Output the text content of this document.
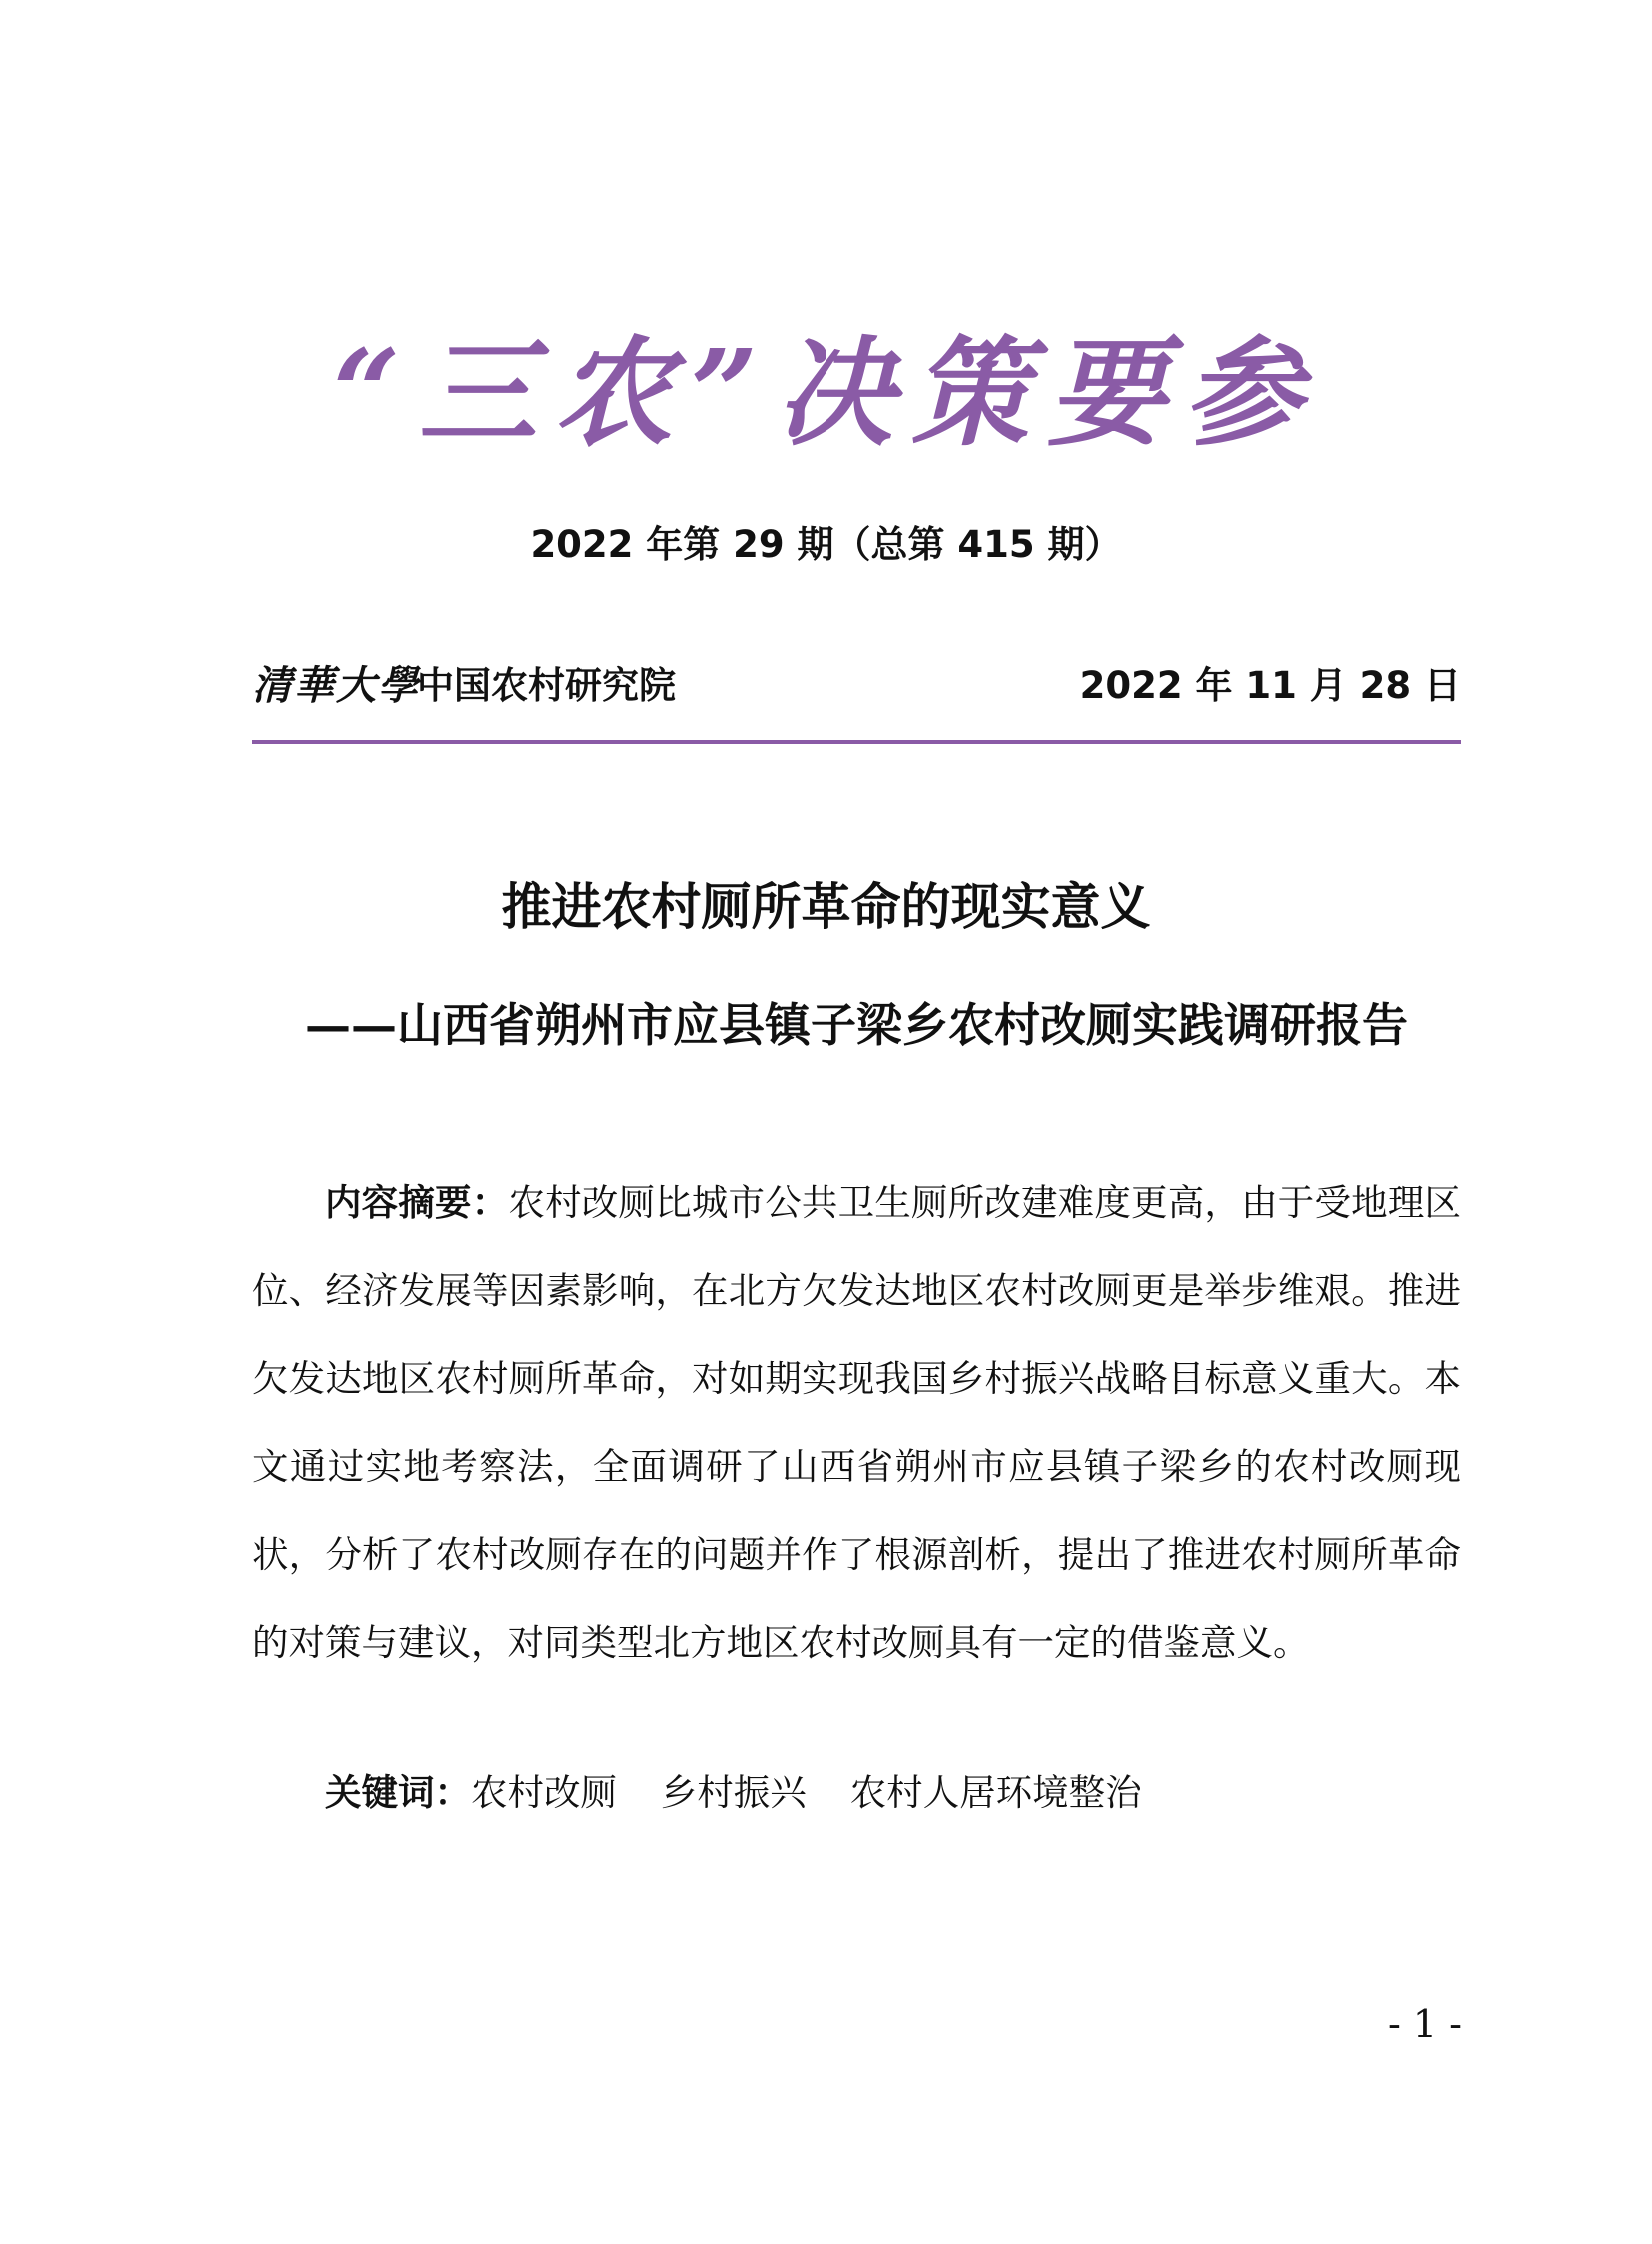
“三农”决策要参
2022 年第 29 期（总第 415 期）
清華大學
中国农村研究院	2022 年 11 月 28 日
推进农村厕所革命的现实意义
——山西省朔州市应县镇子梁乡农村改厕实践调研报告

内容摘要：农村改厕比城市公共卫生厕所改建难度更高，由于受地理区位、经济发展等因素影响，在北方欠发达地区农村改厕更是举步维艰。推进欠发达地区农村厕所革命，对如期实现我国乡村振兴战略目标意义重大。本文通过实地考察法，全面调研了山西省朔州市应县镇子梁乡的农村改厕现状，分析了农村改厕存在的问题并作了根源剖析，提出了推进农村厕所革命的对策与建议，对同类型北方地区农村改厕具有一定的借鉴意义。

关键词：农村改厕 乡村振兴 农村人居环境整治

- 1 -
